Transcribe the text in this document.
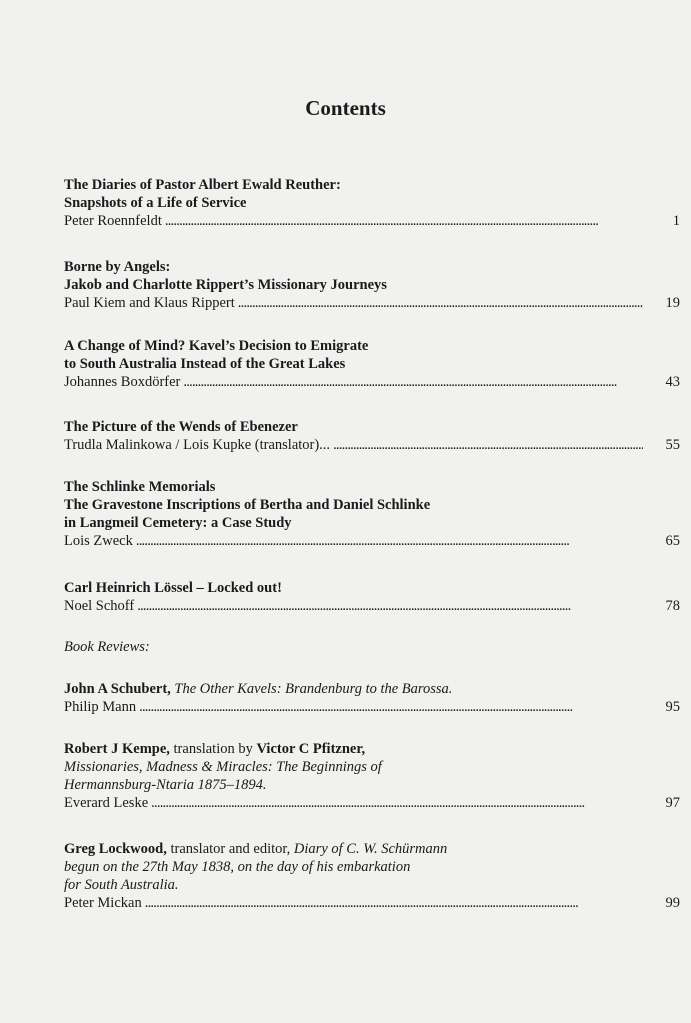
Contents
The Diaries of Pastor Albert Ewald Reuther:
Snapshots of a Life of Service
Peter Roennfeldt . . .	1
Borne by Angels:
Jakob and Charlotte Rippert’s Missionary Journeys
Paul Kiem and Klaus Rippert . . .	19
A Change of Mind? Kavel’s Decision to Emigrate
to South Australia Instead of the Great Lakes
Johannes Boxdörfer . . .	43
The Picture of the Wends of Ebenezer
Trudla Malinkowa / Lois Kupke (translator)... . . .	55
The Schlinke Memorials
The Gravestone Inscriptions of Bertha and Daniel Schlinke
in Langmeil Cemetery: a Case Study
Lois Zweck . . .	65
Carl Heinrich Lössel – Locked out!
Noel Schoff . . .	78
Book Reviews:
John A Schubert, The Other Kavels: Brandenburg to the Barossa.
Philip Mann . . .	95
Robert J Kempe, translation by Victor C Pfitzner,
Missionaries, Madness & Miracles: The Beginnings of
Hermannsburg-Ntaria 1875–1894.
Everard Leske . . .	97
Greg Lockwood, translator and editor, Diary of C. W. Schürmann
begun on the 27th May 1838, on the day of his embarkation
for South Australia.
Peter Mickan . . .	99
